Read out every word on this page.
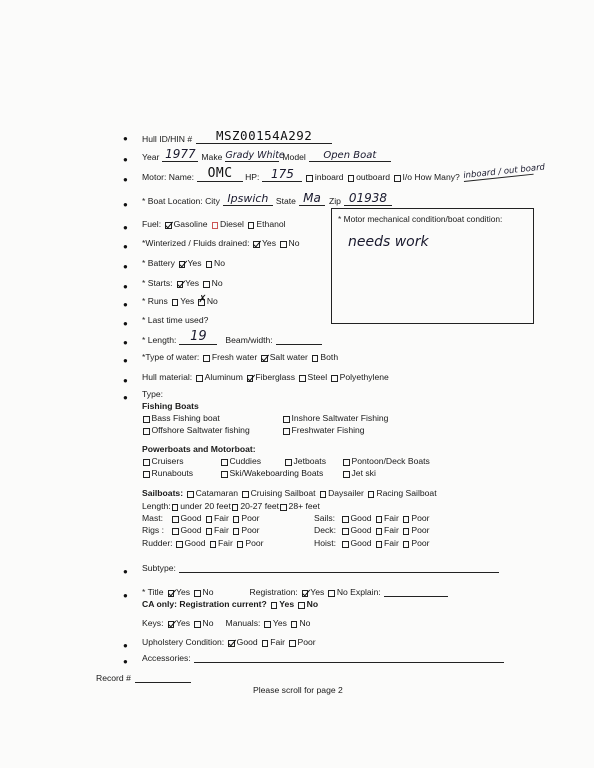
● Hull ID/HIN #	MSZ00154A292
● Year 1977 Make Grady White
Model	Open Boat
● Motor: Name:	OMC	HP: 175	inboard outboard I/o How Many? inboard / out board
● * Boat Location: City Ipswich State Ma Zip 01938
● Fuel: Gasoline Diesel Ethanol
● *Winterized / Fluids drained: Yes No
● * Battery Yes No
● * Starts: Yes No
● * Runs Yes
✗ No
● * Last time used?
● * Length:	19	Beam/width:
● *Type of water: Fresh water Salt water Both
● Hull material: Aluminum Fiberglass Steel Polyethylene
● Type:
Fishing Boats
Bass Fishing boat	Inshore Saltwater Fishing
Offshore Saltwater fishing	Freshwater Fishing
Powerboats and Motorboat:
Cruisers	Cuddies	Jetboats	Pontoon/Deck Boats
Runabouts	Ski/Wakeboarding Boats	Jet ski
Sailboats: Catamaran Cruising Sailboat Daysailer Racing Sailboat
Length: under 20 feet 20-27 feet 28+ feet
Mast:	Good Fair Poor	Sails:	Good Fair Poor
Rigs :	Good Fair Poor	Deck: Good Fair Poor
Rudder: Good Fair Poor	Hoist: Good Fair Poor
● Subtype:
● * Title Yes No	Registration: Yes No Explain:
CA only: Registration current? Yes No
Keys: Yes No Manuals: Yes No
● Upholstery Condition: Good Fair Poor
● Accessories:
Record #
Please scroll for page 2
* Motor mechanical condition/boat condition:
needs work
